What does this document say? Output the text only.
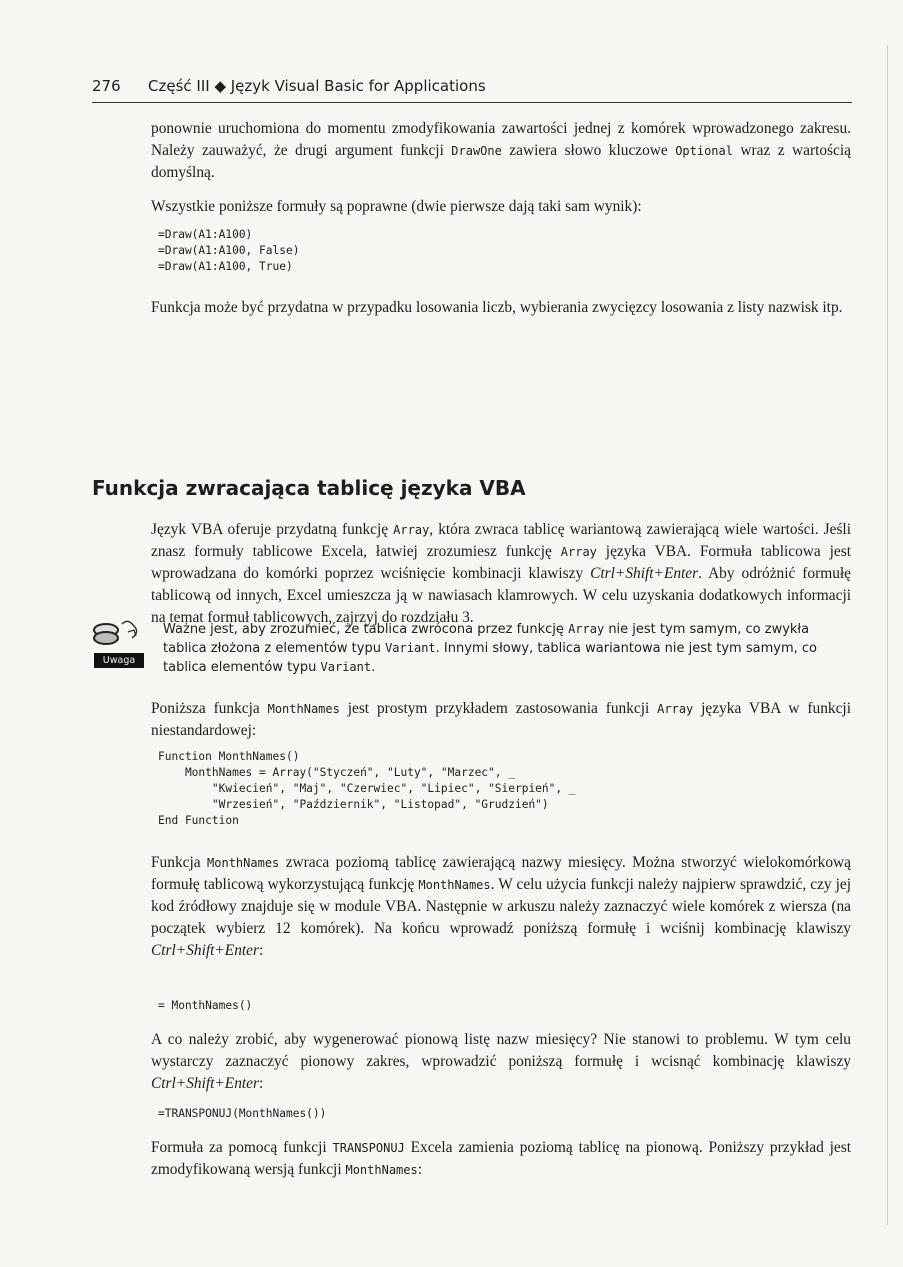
276 Część III ◆ Język Visual Basic for Applications

ponownie uruchomiona do momentu zmodyfikowania zawartości jednej z komórek wprowadzonego zakresu. Należy zauważyć, że drugi argument funkcji DrawOne zawiera słowo kluczowe Optional wraz z wartością domyślną.

Wszystkie poniższe formuły są poprawne (dwie pierwsze dają taki sam wynik):

=Draw(A1:A100)
=Draw(A1:A100, False)
=Draw(A1:A100, True)

Funkcja może być przydatna w przypadku losowania liczb, wybierania zwycięzcy losowania z listy nazwisk itp.

Funkcja zwracająca tablicę języka VBA

Język VBA oferuje przydatną funkcję Array, która zwraca tablicę wariantową zawierającą wiele wartości. Jeśli znasz formuły tablicowe Excela, łatwiej zrozumiesz funkcję Array języka VBA. Formuła tablicowa jest wprowadzana do komórki poprzez wciśnięcie kombinacji klawiszy Ctrl+Shift+Enter. Aby odróżnić formułę tablicową od innych, Excel umieszcza ją w nawiasach klamrowych. W celu uzyskania dodatkowych informacji na temat formuł tablicowych, zajrzyj do rozdziału 3.

Uwaga

Ważne jest, aby zrozumieć, że tablica zwrócona przez funkcję Array nie jest tym samym, co zwykła tablica złożona z elementów typu Variant. Innymi słowy, tablica wariantowa nie jest tym samym, co tablica elementów typu Variant.

Poniższa funkcja MonthNames jest prostym przykładem zastosowania funkcji Array języka VBA w funkcji niestandardowej:

Function MonthNames()
MonthNames = Array("Styczeń", "Luty", "Marzec", _
"Kwiecień", "Maj", "Czerwiec", "Lipiec", "Sierpień", _
"Wrzesień", "Październik", "Listopad", "Grudzień")
End Function

Funkcja MonthNames zwraca poziomą tablicę zawierającą nazwy miesięcy. Można stworzyć wielokomórkową formułę tablicową wykorzystującą funkcję MonthNames. W celu użycia funkcji należy najpierw sprawdzić, czy jej kod źródłowy znajduje się w module VBA. Następnie w arkuszu należy zaznaczyć wiele komórek z wiersza (na początek wybierz 12 komórek). Na końcu wprowadź poniższą formułę i wciśnij kombinację klawiszy Ctrl+Shift+Enter:

= MonthNames()

A co należy zrobić, aby wygenerować pionową listę nazw miesięcy? Nie stanowi to problemu. W tym celu wystarczy zaznaczyć pionowy zakres, wprowadzić poniższą formułę i wcisnąć kombinację klawiszy Ctrl+Shift+Enter:

=TRANSPONUJ(MonthNames())

Formuła za pomocą funkcji TRANSPONUJ Excela zamienia poziomą tablicę na pionową. Poniższy przykład jest zmodyfikowaną wersją funkcji MonthNames:
